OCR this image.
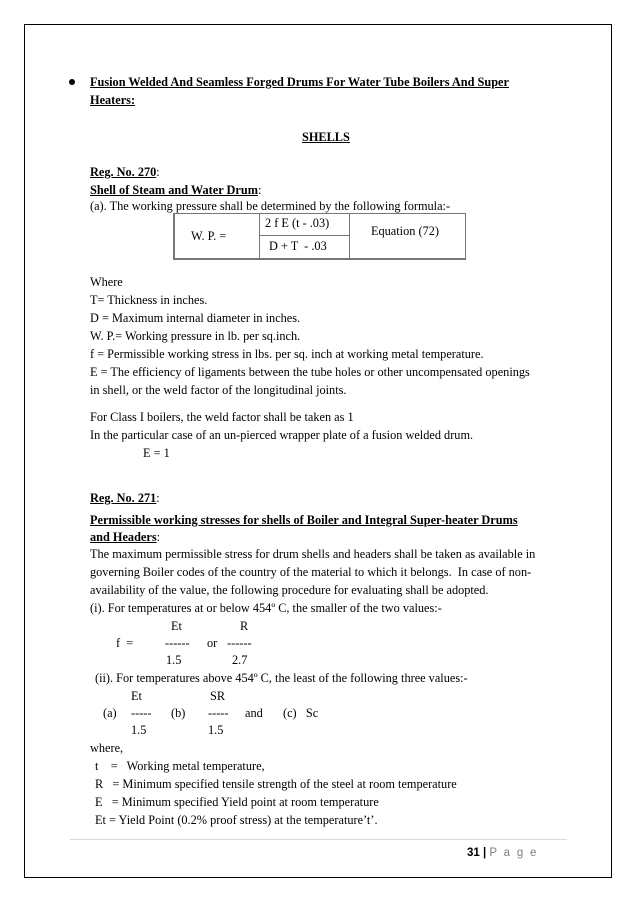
Fusion Welded And Seamless Forged Drums For Water Tube Boilers And Super
Heaters:
SHELLS
Reg. No. 270:
Shell of Steam and Water Drum:
(a). The working pressure shall be determined by the following formula:-
W. P. =
2 f E (t - .03)
D + T  - .03
Equation (72)
Where
T= Thickness in inches.
D = Maximum internal diameter in inches.
W. P.= Working pressure in lb. per sq.inch.
f = Permissible working stress in lbs. per sq. inch at working metal temperature.
E = The efficiency of ligaments between the tube holes or other uncompensated openings
in shell, or the weld factor of the longitudinal joints.
For Class I boilers, the weld factor shall be taken as 1
In the particular case of an un-pierced wrapper plate of a fusion welded drum.
E = 1
Reg. No. 271:
Permissible working stresses for shells of Boiler and Integral Super-heater Drums
and Headers:
The maximum permissible stress for drum shells and headers shall be taken as available in
governing Boiler codes of the country of the material to which it belongs.  In case of non-
availability of the value, the following procedure for evaluating shall be adopted.
(i). For temperatures at or below 454º C, the smaller of the two values:-
Et	R
f  =	------ or ------
1.5	2.7
(ii). For temperatures above 454º C, the least of the following three values:-
Et	SR
(a) ----- (b) ----- and (c)   Sc
1.5	1.5
where,
t    =   Working metal temperature,
R   = Minimum specified tensile strength of the steel at room temperature
E   = Minimum specified Yield point at room temperature
Et = Yield Point (0.2% proof stress) at the temperature’t’.
31 | P a g e
